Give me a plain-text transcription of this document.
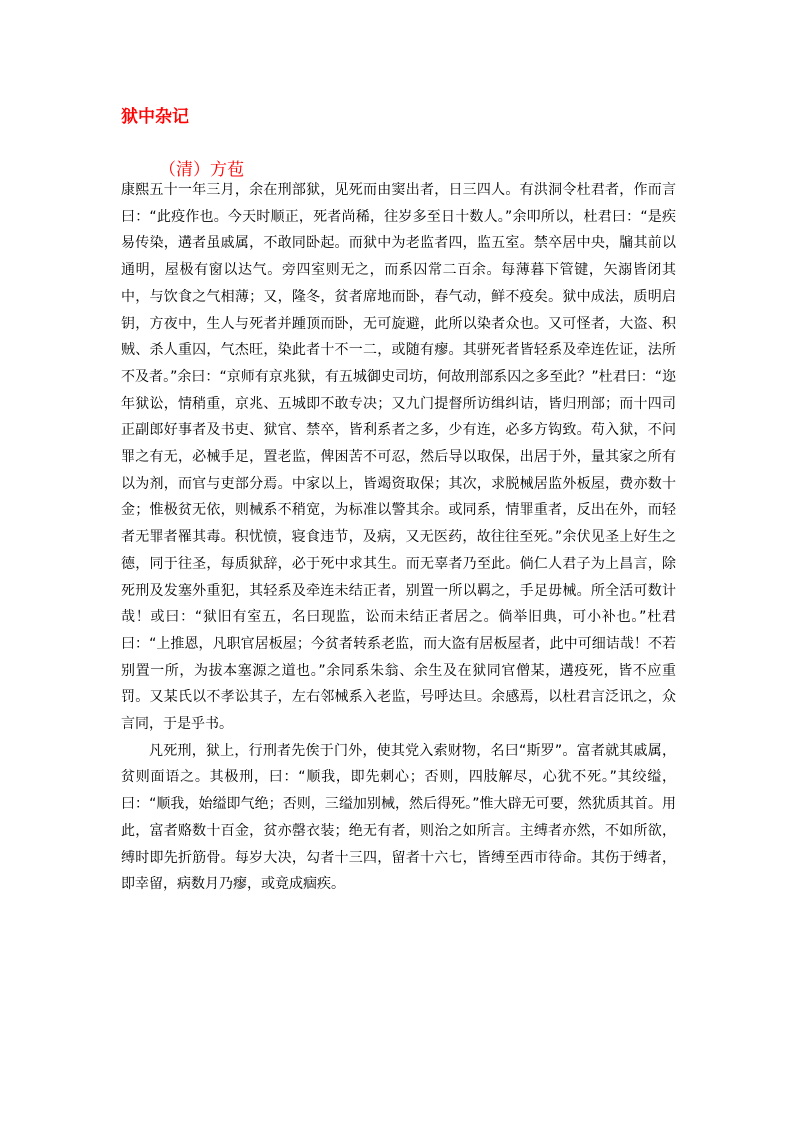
狱中杂记
（清）方苞

康熙五十一年三月，余在刑部狱，见死而由窦出者，日三四人。有洪洞令杜君者，作而言曰：“此疫作也。今天时顺正，死者尚稀，往岁多至日十数人。”余叩所以，杜君曰：“是疾易传染，遘者虽戚属，不敢同卧起。而狱中为老监者四，监五室。禁卒居中央，牖其前以通明，屋极有窗以达气。旁四室则无之，而系囚常二百余。每薄暮下管键，矢溺皆闭其中，与饮食之气相薄；又，隆冬，贫者席地而卧，春气动，鲜不疫矣。狱中成法，质明启钥，方夜中，生人与死者并踵顶而卧，无可旋避，此所以染者众也。又可怪者，大盗、积贼、杀人重囚，气杰旺，染此者十不一二，或随有瘳。其骈死者皆轻系及牵连佐证，法所不及者。”余曰：“京师有京兆狱，有五城御史司坊，何故刑部系囚之多至此？”杜君曰：“迩年狱讼，情稍重，京兆、五城即不敢专决；又九门提督所访缉纠诘，皆归刑部；而十四司正副郎好事者及书吏、狱官、禁卒，皆利系者之多，少有连，必多方钩致。苟入狱，不问罪之有无，必械手足，置老监，俾困苦不可忍，然后导以取保，出居于外，量其家之所有以为剂，而官与吏部分焉。中家以上，皆竭资取保；其次，求脱械居监外板屋，费亦数十金；惟极贫无依，则械系不稍宽，为标准以警其余。或同系，情罪重者，反出在外，而轻者无罪者罹其毒。积忧愤，寝食违节，及病，又无医药，故往往至死。”余伏见圣上好生之德，同于往圣，每质狱辞，必于死中求其生。而无辜者乃至此。倘仁人君子为上昌言，除死刑及发塞外重犯，其轻系及牵连未结正者，别置一所以羁之，手足毋械。所全活可数计哉！或曰：“狱旧有室五，名曰现监，讼而未结正者居之。倘举旧典，可小补也。”杜君曰：“上推恩，凡职官居板屋；今贫者转系老监，而大盗有居板屋者，此中可细诘哉！不若别置一所，为拔本塞源之道也。”余同系朱翁、余生及在狱同官僧某，遘疫死，皆不应重罚。又某氏以不孝讼其子，左右邻械系入老监，号呼达旦。余感焉，以杜君言泛讯之，众言同，于是乎书。

凡死刑，狱上，行刑者先俟于门外，使其党入索财物，名曰“斯罗”。富者就其戚属，贫则面语之。其极刑，曰：“顺我，即先刺心；否则，四肢解尽，心犹不死。”其绞缢，曰：“顺我，始缢即气绝；否则，三缢加别械，然后得死。”惟大辟无可要，然犹质其首。用此，富者赂数十百金，贫亦罄衣装；绝无有者，则治之如所言。主缚者亦然，不如所欲，缚时即先折筋骨。每岁大决，勾者十三四，留者十六七，皆缚至西市待命。其伤于缚者，即幸留，病数月乃瘳，或竟成痼疾。
